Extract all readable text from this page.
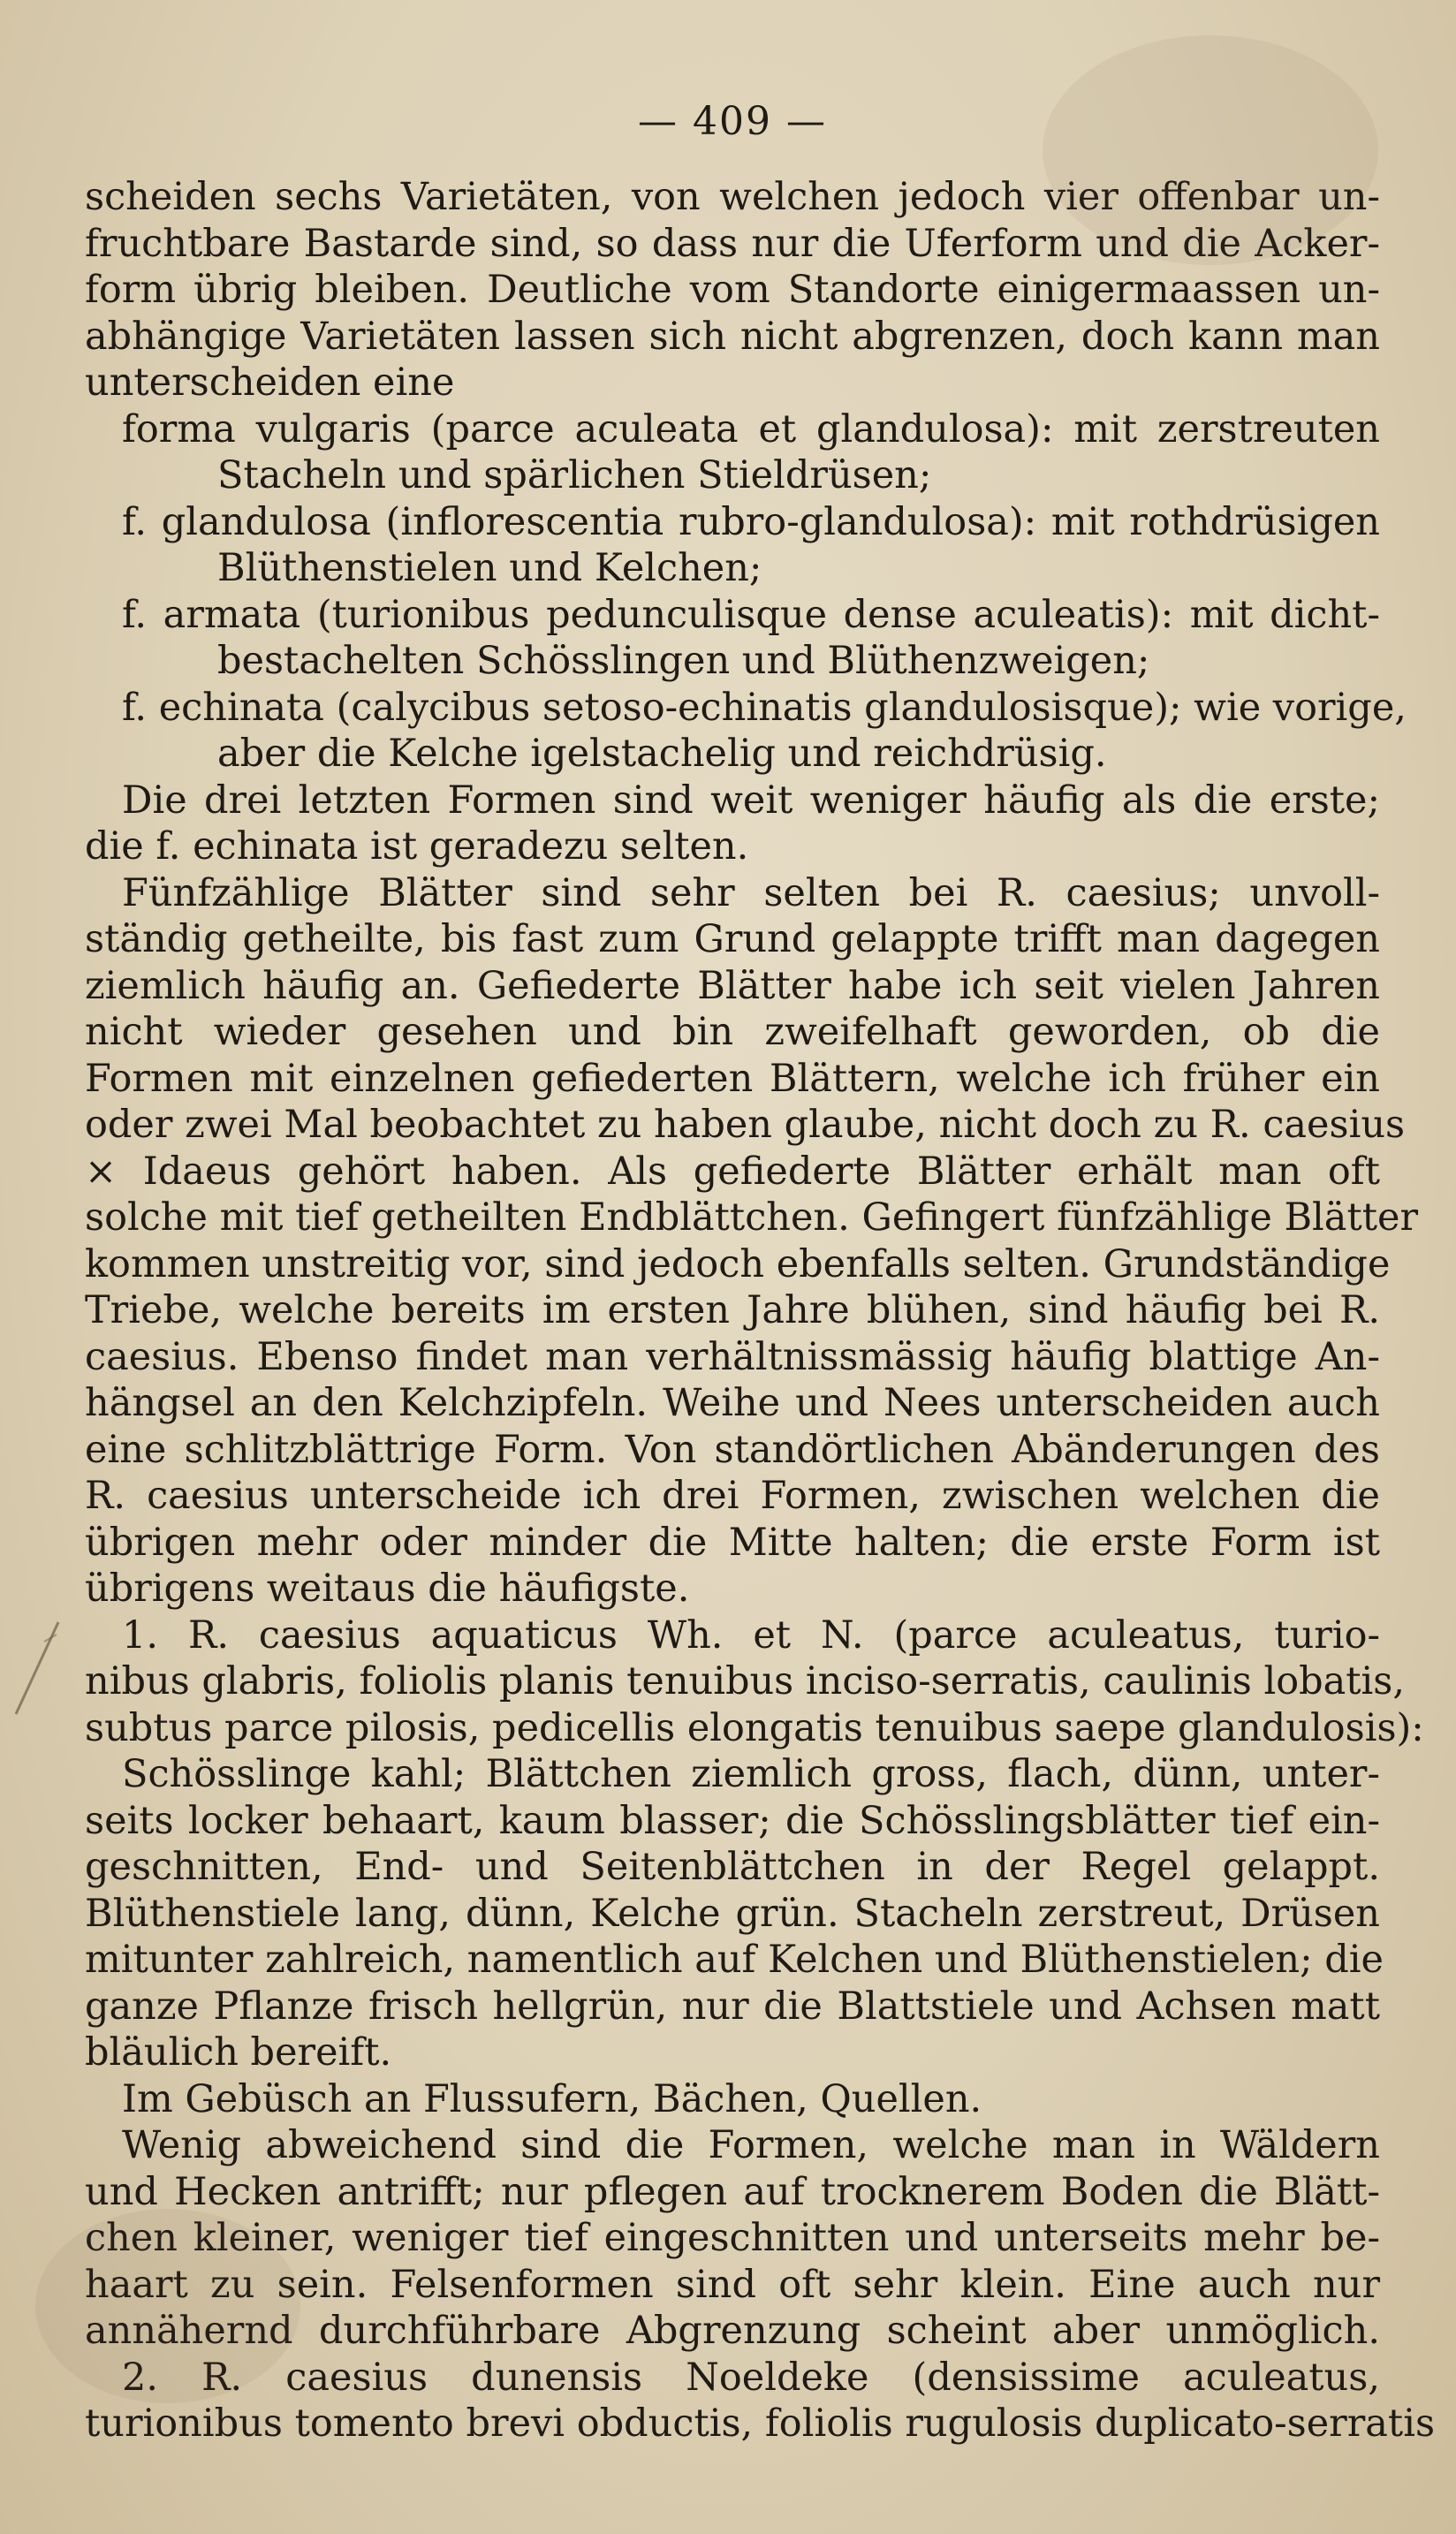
— 409 —
scheiden sechs Varietäten, von welchen jedoch vier offenbar un-
fruchtbare Bastarde sind, so dass nur die Uferform und die Acker-
form übrig bleiben. Deutliche vom Standorte einigermaassen un-
abhängige Varietäten lassen sich nicht abgrenzen, doch kann man
unterscheiden eine
forma vulgaris (parce aculeata et glandulosa): mit zerstreuten
Stacheln und spärlichen Stieldrüsen;
f. glandulosa (inflorescentia rubro-glandulosa): mit rothdrüsigen
Blüthenstielen und Kelchen;
f. armata (turionibus pedunculisque dense aculeatis): mit dicht-
bestachelten Schösslingen und Blüthenzweigen;
f. echinata (calycibus setoso-echinatis glandulosisque); wie vorige,
aber die Kelche igelstachelig und reichdrüsig.
Die drei letzten Formen sind weit weniger häufig als die erste;
die f. echinata ist geradezu selten.
Fünfzählige Blätter sind sehr selten bei R. caesius; unvoll-
ständig getheilte, bis fast zum Grund gelappte trifft man dagegen
ziemlich häufig an. Gefiederte Blätter habe ich seit vielen Jahren
nicht wieder gesehen und bin zweifelhaft geworden, ob die
Formen mit einzelnen gefiederten Blättern, welche ich früher ein
oder zwei Mal beobachtet zu haben glaube, nicht doch zu R. caesius
× Idaeus gehört haben. Als gefiederte Blätter erhält man oft
solche mit tief getheilten Endblättchen. Gefingert fünfzählige Blätter
kommen unstreitig vor, sind jedoch ebenfalls selten. Grundständige
Triebe, welche bereits im ersten Jahre blühen, sind häufig bei R.
caesius. Ebenso findet man verhältnissmässig häufig blattige An-
hängsel an den Kelchzipfeln. Weihe und Nees unterscheiden auch
eine schlitzblättrige Form. Von standörtlichen Abänderungen des
R. caesius unterscheide ich drei Formen, zwischen welchen die
übrigen mehr oder minder die Mitte halten; die erste Form ist
übrigens weitaus die häufigste.
1. R. caesius aquaticus Wh. et N. (parce aculeatus, turio-
nibus glabris, foliolis planis tenuibus inciso-serratis, caulinis lobatis,
subtus parce pilosis, pedicellis elongatis tenuibus saepe glandulosis):
Schösslinge kahl; Blättchen ziemlich gross, flach, dünn, unter-
seits locker behaart, kaum blasser; die Schösslingsblätter tief ein-
geschnitten, End- und Seitenblättchen in der Regel gelappt.
Blüthenstiele lang, dünn, Kelche grün. Stacheln zerstreut, Drüsen
mitunter zahlreich, namentlich auf Kelchen und Blüthenstielen; die
ganze Pflanze frisch hellgrün, nur die Blattstiele und Achsen matt
bläulich bereift.
Im Gebüsch an Flussufern, Bächen, Quellen.
Wenig abweichend sind die Formen, welche man in Wäldern
und Hecken antrifft; nur pflegen auf trocknerem Boden die Blätt-
chen kleiner, weniger tief eingeschnitten und unterseits mehr be-
haart zu sein. Felsenformen sind oft sehr klein. Eine auch nur
annähernd durchführbare Abgrenzung scheint aber unmöglich.
2. R. caesius dunensis Noeldeke (densissime aculeatus,
turionibus tomento brevi obductis, foliolis rugulosis duplicato-serratis
